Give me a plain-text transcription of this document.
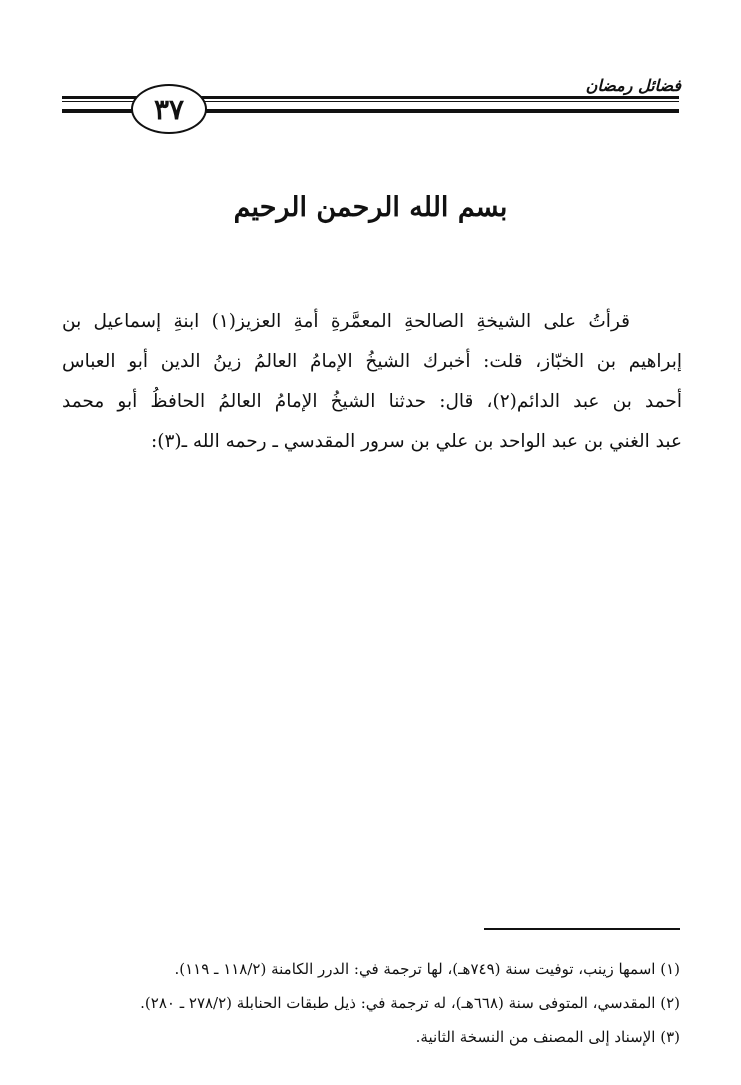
فضائل رمضان
٣٧
بسم الله الرحمن الرحيم
قرأتُ على الشيخةِ الصالحةِ المعمَّرةِ أمةِ العزيز(١) ابنةِ إسماعيل بن
إبراهيم بن الخبّاز، قلت: أخبرك الشيخُ الإمامُ العالمُ زينُ الدين أبو العباس
أحمد بن عبد الدائم(٢)، قال: حدثنا الشيخُ الإمامُ العالمُ الحافظُ أبو محمد
عبد الغني بن عبد الواحد بن علي بن سرور المقدسي ـ رحمه الله ـ(٣):
(١) اسمها زينب، توفيت سنة (٧٤٩هـ)، لها ترجمة في: الدرر الكامنة (١١٨/٢ ـ ١١٩).
(٢) المقدسي، المتوفى سنة (٦٦٨هـ)، له ترجمة في: ذيل طبقات الحنابلة (٢٧٨/٢ ـ ٢٨٠).
(٣) الإسناد إلى المصنف من النسخة الثانية.
